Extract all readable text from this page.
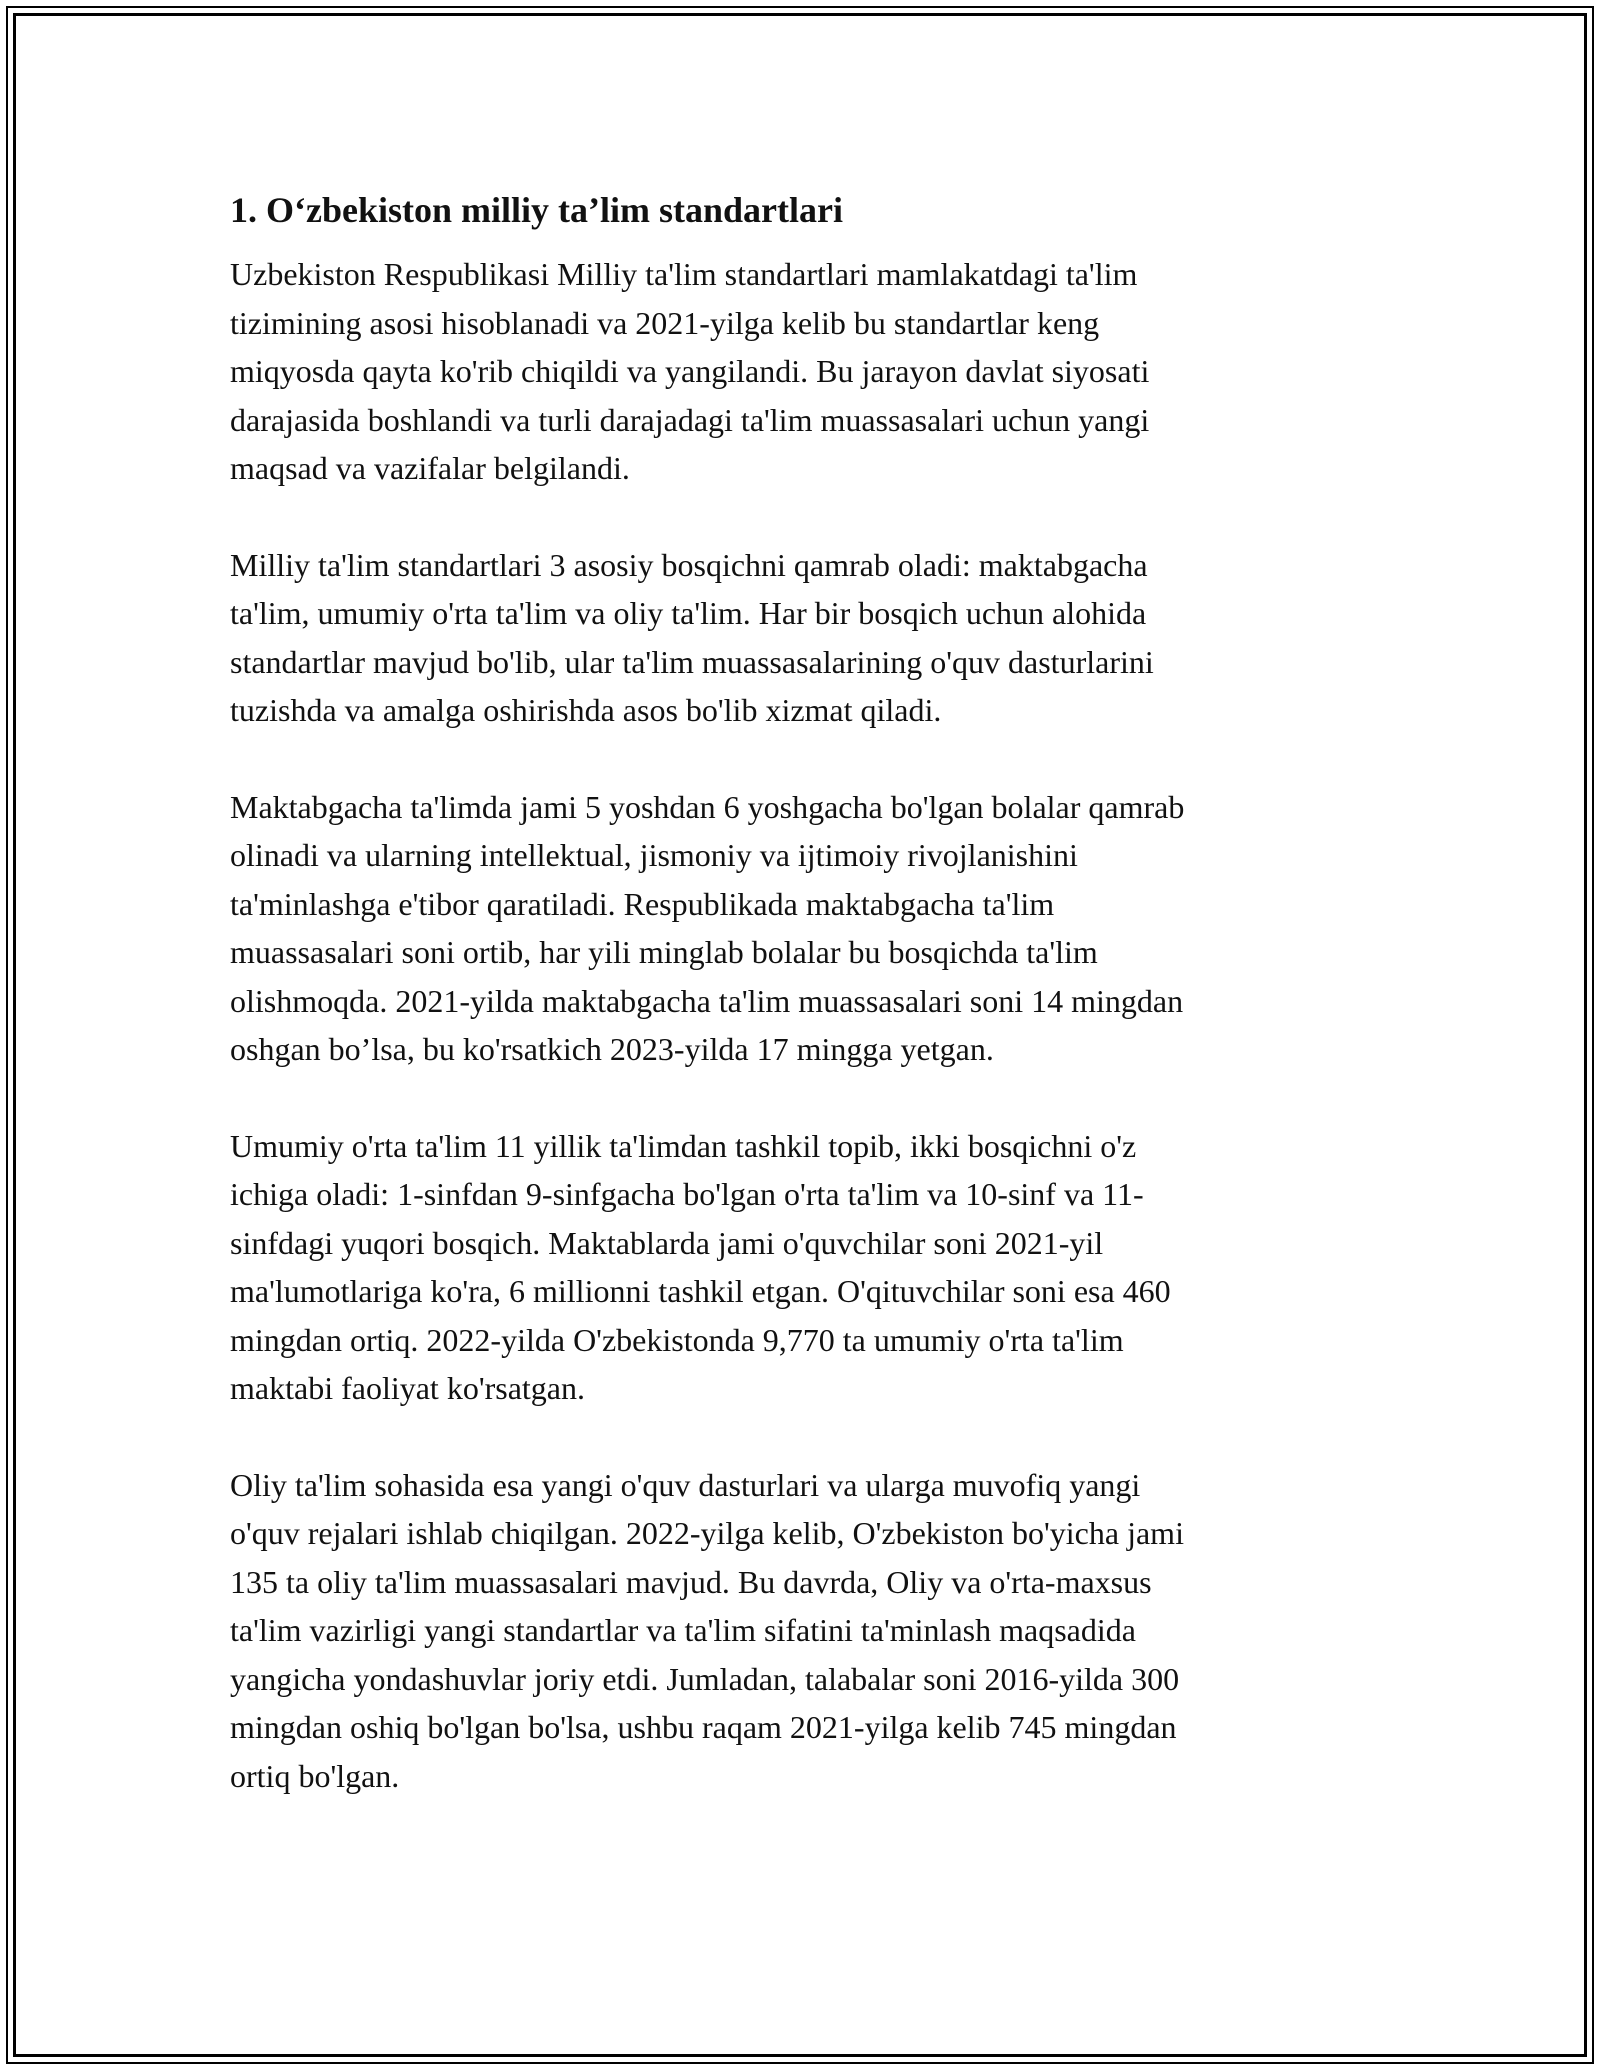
1. O‘zbekiston milliy ta’lim standartlari

Uzbekiston Respublikasi Milliy ta'lim standartlari mamlakatdagi ta'lim
tizimining asosi hisoblanadi va 2021-yilga kelib bu standartlar keng
miqyosda qayta ko'rib chiqildi va yangilandi. Bu jarayon davlat siyosati
darajasida boshlandi va turli darajadagi ta'lim muassasalari uchun yangi
maqsad va vazifalar belgilandi.

Milliy ta'lim standartlari 3 asosiy bosqichni qamrab oladi: maktabgacha
ta'lim, umumiy o'rta ta'lim va oliy ta'lim. Har bir bosqich uchun alohida
standartlar mavjud bo'lib, ular ta'lim muassasalarining o'quv dasturlarini
tuzishda va amalga oshirishda asos bo'lib xizmat qiladi.

Maktabgacha ta'limda jami 5 yoshdan 6 yoshgacha bo'lgan bolalar qamrab
olinadi va ularning intellektual, jismoniy va ijtimoiy rivojlanishini
ta'minlashga e'tibor qaratiladi. Respublikada maktabgacha ta'lim
muassasalari soni ortib, har yili minglab bolalar bu bosqichda ta'lim
olishmoqda. 2021-yilda maktabgacha ta'lim muassasalari soni 14 mingdan
oshgan bo’lsa, bu ko'rsatkich 2023-yilda 17 mingga yetgan.

Umumiy o'rta ta'lim 11 yillik ta'limdan tashkil topib, ikki bosqichni o'z
ichiga oladi: 1-sinfdan 9-sinfgacha bo'lgan o'rta ta'lim va 10-sinf va 11-
sinfdagi yuqori bosqich. Maktablarda jami o'quvchilar soni 2021-yil
ma'lumotlariga ko'ra, 6 millionni tashkil etgan. O'qituvchilar soni esa 460
mingdan ortiq. 2022-yilda O'zbekistonda 9,770 ta umumiy o'rta ta'lim
maktabi faoliyat ko'rsatgan.

Oliy ta'lim sohasida esa yangi o'quv dasturlari va ularga muvofiq yangi
o'quv rejalari ishlab chiqilgan. 2022-yilga kelib, O'zbekiston bo'yicha jami
135 ta oliy ta'lim muassasalari mavjud. Bu davrda, Oliy va o'rta-maxsus
ta'lim vazirligi yangi standartlar va ta'lim sifatini ta'minlash maqsadida
yangicha yondashuvlar joriy etdi. Jumladan, talabalar soni 2016-yilda 300
mingdan oshiq bo'lgan bo'lsa, ushbu raqam 2021-yilga kelib 745 mingdan
ortiq bo'lgan.
